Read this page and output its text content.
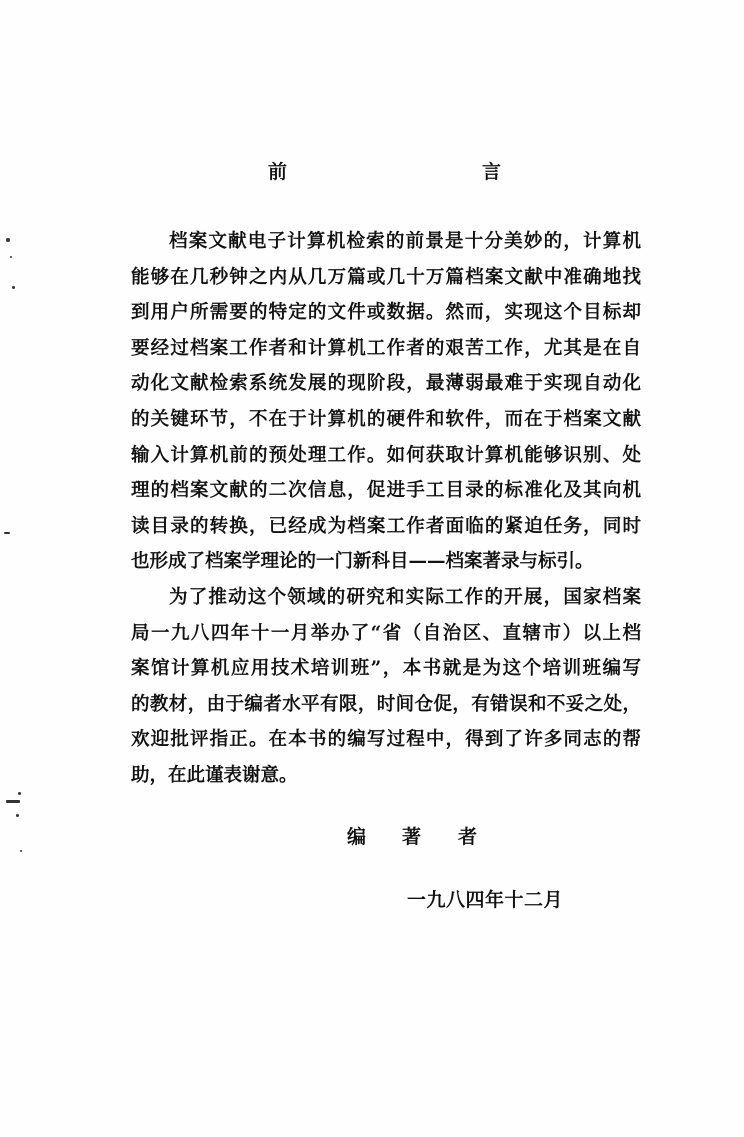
前	言
档案文献电子计算机检索的前景是十分美妙的，计算机
能够在几秒钟之内从几万篇或几十万篇档案文献中准确地找
到用户所需要的特定的文件或数据。然而，实现这个目标却
要经过档案工作者和计算机工作者的艰苦工作，尤其是在自
动化文献检索系统发展的现阶段，最薄弱最难于实现自动化
的关键环节，不在于计算机的硬件和软件，而在于档案文献
输入计算机前的预处理工作。如何获取计算机能够识别、处
理的档案文献的二次信息，促进手工目录的标准化及其向机
读目录的转换，已经成为档案工作者面临的紧迫任务，同时
也形成了档案学理论的一门新科目——档案著录与标引。
为了推动这个领域的研究和实际工作的开展，国家档案
局一九八四年十一月举办了“省（自治区、直辖市）以上档
案馆计算机应用技术培训班”，本书就是为这个培训班编写
的教材，由于编者水平有限，时间仓促，有错误和不妥之处，
欢迎批评指正。在本书的编写过程中，得到了许多同志的帮
助，在此谨表谢意。
编 著 者
一九八四年十二月
